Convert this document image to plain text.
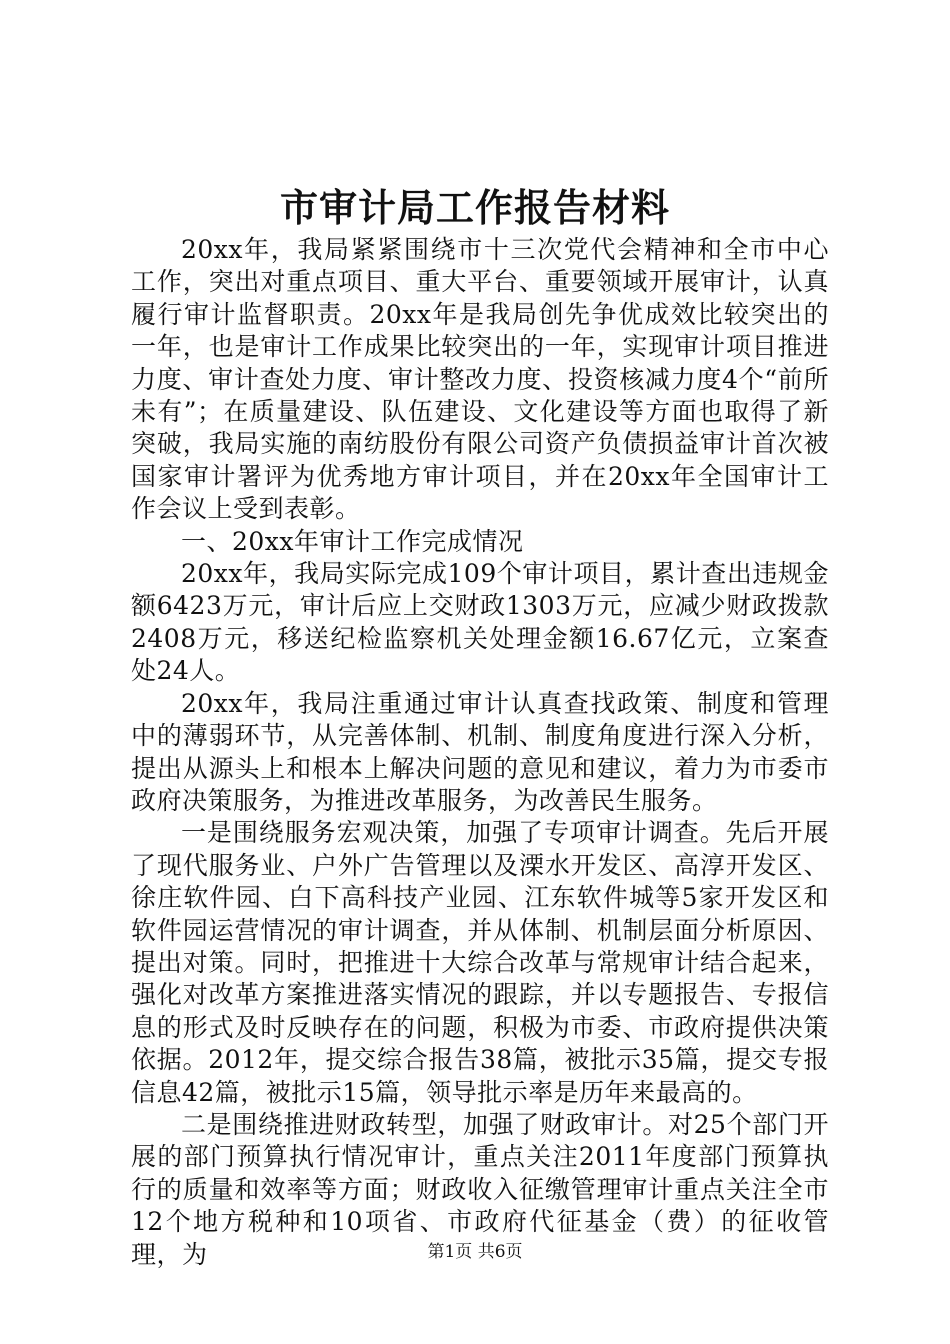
市审计局工作报告材料

20xx年，我局紧紧围绕市十三次党代会精神和全市中心工作，突出对重点项目、重大平台、重要领域开展审计，认真履行审计监督职责。20xx年是我局创先争优成效比较突出的一年，也是审计工作成果比较突出的一年，实现审计项目推进力度、审计查处力度、审计整改力度、投资核减力度4个“前所未有”；在质量建设、队伍建设、文化建设等方面也取得了新突破，我局实施的南纺股份有限公司资产负债损益审计首次被国家审计署评为优秀地方审计项目，并在20xx年全国审计工作会议上受到表彰。

一、20xx年审计工作完成情况

20xx年，我局实际完成109个审计项目，累计查出违规金额6423万元，审计后应上交财政1303万元，应减少财政拨款2408万元，移送纪检监察机关处理金额16.67亿元，立案查处24人。

20xx年，我局注重通过审计认真查找政策、制度和管理中的薄弱环节，从完善体制、机制、制度角度进行深入分析，提出从源头上和根本上解决问题的意见和建议，着力为市委市政府决策服务，为推进改革服务，为改善民生服务。

一是围绕服务宏观决策，加强了专项审计调查。先后开展了现代服务业、户外广告管理以及溧水开发区、高淳开发区、徐庄软件园、白下高科技产业园、江东软件城等5家开发区和软件园运营情况的审计调查，并从体制、机制层面分析原因、提出对策。同时，把推进十大综合改革与常规审计结合起来，强化对改革方案推进落实情况的跟踪，并以专题报告、专报信息的形式及时反映存在的问题，积极为市委、市政府提供决策依据。2012年，提交综合报告38篇，被批示35篇，提交专报信息42篇，被批示15篇，领导批示率是历年来最高的。

二是围绕推进财政转型，加强了财政审计。对25个部门开展的部门预算执行情况审计，重点关注2011年度部门预算执行的质量和效率等方面；财政收入征缴管理审计重点关注全市12个地方税种和10项省、市政府代征基金（费）的征收管理，为	第1页 共6页
